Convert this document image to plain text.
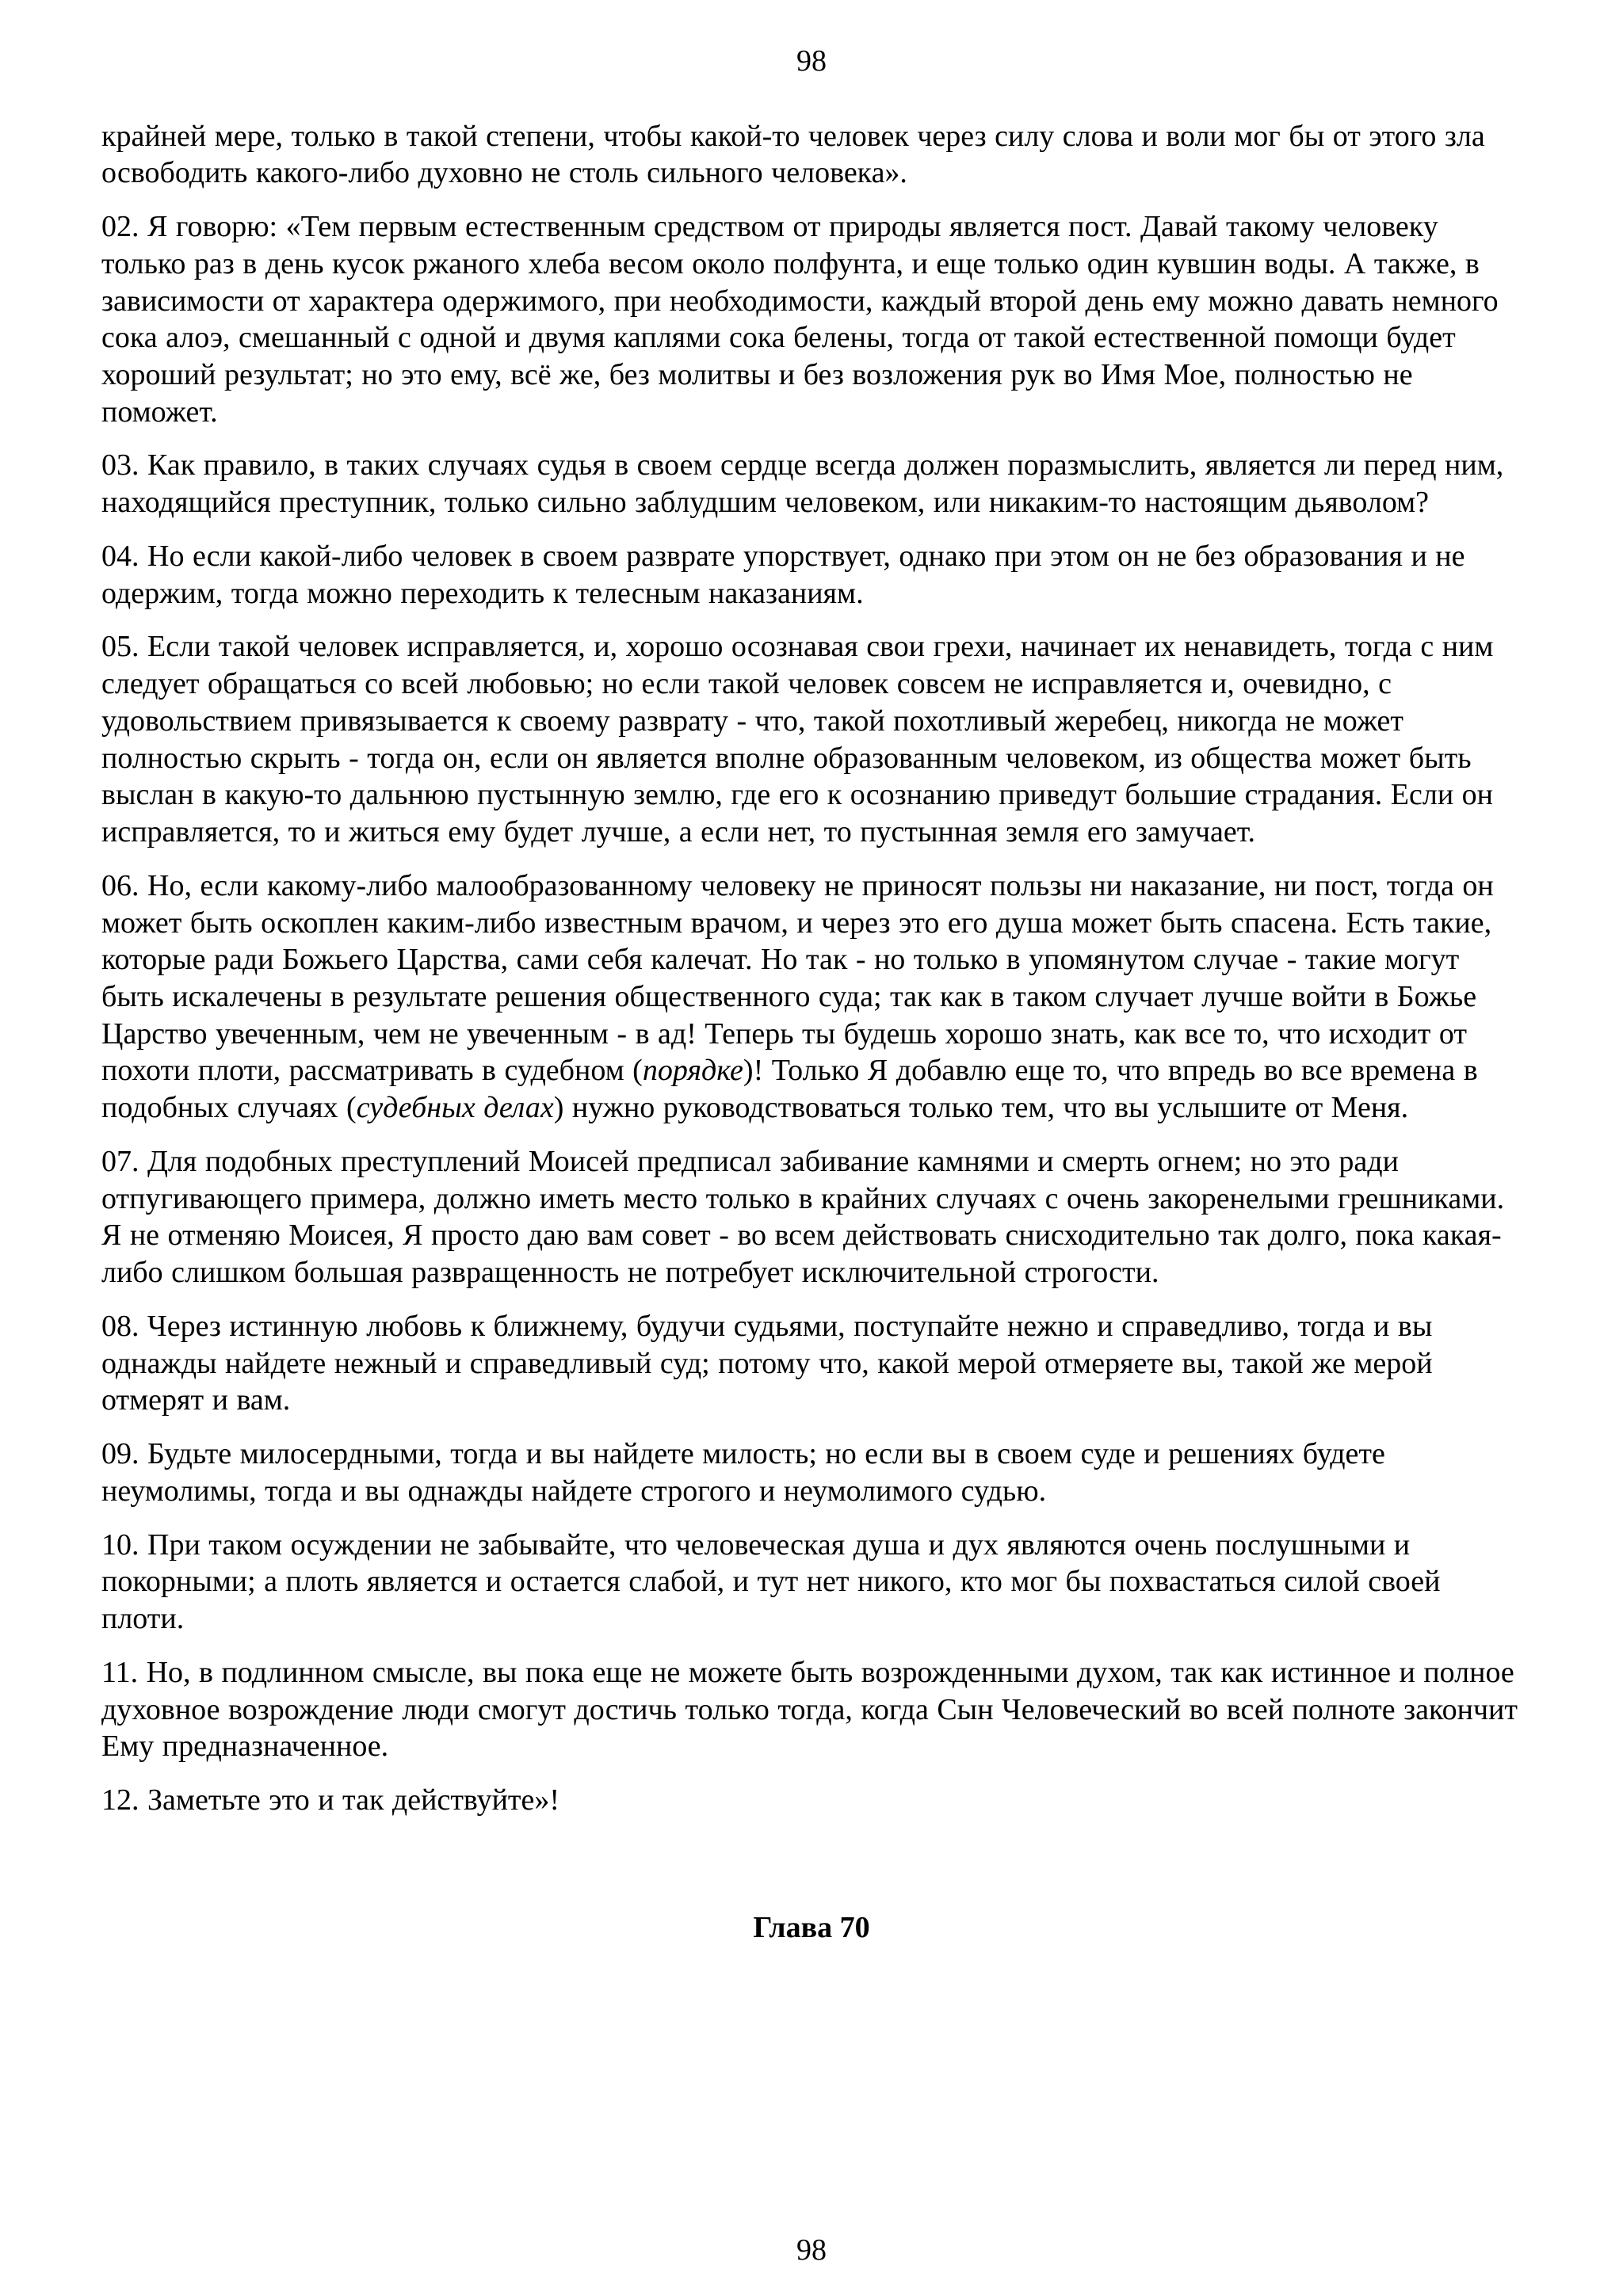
98

крайней мере, только в такой степени, чтобы какой-то человек через силу слова и воли мог бы от этого зла освободить какого-либо духовно не столь сильного человека».

02. Я говорю: «Тем первым естественным средством от природы является пост. Давай такому человеку только раз в день кусок ржаного хлеба весом около полфунта, и еще только один кувшин воды. А также, в зависимости от характера одержимого, при необходимости, каждый второй день ему можно давать немного сока алоэ, смешанный с одной и двумя каплями сока белены, тогда от такой естественной помощи будет хороший результат; но это ему, всё же, без молитвы и без возложения рук во Имя Мое, полностью не поможет.

03. Как правило, в таких случаях судья в своем сердце всегда должен поразмыслить, является ли перед ним, находящийся преступник, только сильно заблудшим человеком, или никаким-то настоящим дьяволом?

04. Но если какой-либо человек в своем разврате упорствует, однако при этом он не без образования и не одержим, тогда можно переходить к телесным наказаниям.

05. Если такой человек исправляется, и, хорошо осознавая свои грехи, начинает их ненавидеть, тогда с ним следует обращаться со всей любовью; но если такой человек совсем не исправляется и, очевидно, с удовольствием привязывается к своему разврату - что, такой похотливый жеребец, никогда не может полностью скрыть - тогда он, если он является вполне образованным человеком, из общества может быть выслан в какую-то дальнюю пустынную землю, где его к осознанию приведут большие страдания. Если он исправляется, то и житься ему будет лучше, а если нет, то пустынная земля его замучает.

06. Но, если какому-либо малообразованному человеку не приносят пользы ни наказание, ни пост, тогда он может быть оскоплен каким-либо известным врачом, и через это его душа может быть спасена. Есть такие, которые ради Божьего Царства, сами себя калечат. Но так - но только в упомянутом случае - такие могут быть искалечены в результате решения общественного суда; так как в таком случает лучше войти в Божье Царство увеченным, чем не увеченным - в ад! Теперь ты будешь хорошо знать, как все то, что исходит от похоти плоти, рассматривать в судебном (порядке)! Только Я добавлю еще то, что впредь во все времена в подобных случаях (судебных делах) нужно руководствоваться только тем, что вы услышите от Меня.

07. Для подобных преступлений Моисей предписал забивание камнями и смерть огнем; но это ради отпугивающего примера, должно иметь место только в крайних случаях с очень закоренелыми грешниками. Я не отменяю Моисея, Я просто даю вам совет - во всем действовать снисходительно так долго, пока какая-либо слишком большая развращенность не потребует исключительной строгости.

08. Через истинную любовь к ближнему, будучи судьями, поступайте нежно и справедливо, тогда и вы однажды найдете нежный и справедливый суд; потому что, какой мерой отмеряете вы, такой же мерой отмерят и вам.

09. Будьте милосердными, тогда и вы найдете милость; но если вы в своем суде и решениях будете неумолимы, тогда и вы однажды найдете строгого и неумолимого судью.

10. При таком осуждении не забывайте, что человеческая душа и дух являются очень послушными и покорными; а плоть является и остается слабой, и тут нет никого, кто мог бы похвастаться силой своей плоти.

11. Но, в подлинном смысле, вы пока еще не можете быть возрожденными духом, так как истинное и полное духовное возрождение люди смогут достичь только тогда, когда Сын Человеческий во всей полноте закончит Ему предназначенное.

12. Заметьте это и так действуйте»!

Глава 70
98
